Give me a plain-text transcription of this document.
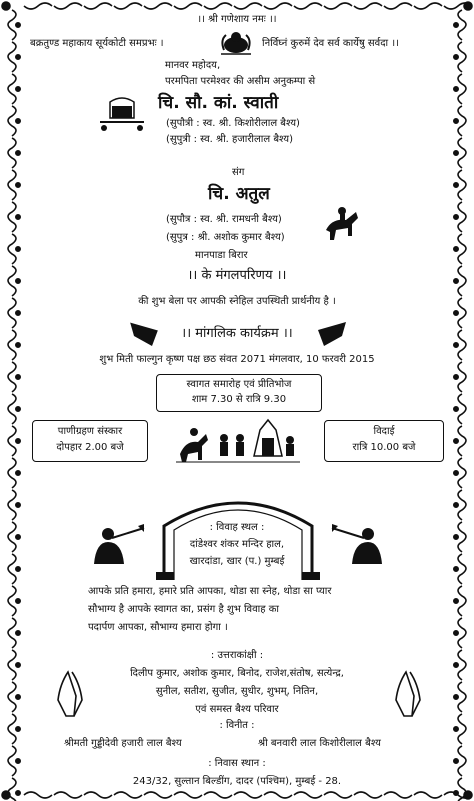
।। श्री गणेशाय नमः ।।
बक्रतुण्ड महाकाय सूर्यकोटी समप्रभः ।	निर्विघ्नं कुरुमें देव सर्व कार्येषु सर्वदा ।।
मानवर महोदय,
परमपिता परमेश्वर की असीम अनुकम्पा से
चि. सौ. कां. स्वाती
(सुपौत्री : स्व. श्री. किशोरीलाल बैश्य)
(सुपुत्री : स्व. श्री. हजारीलाल बैश्य)
संग
चि. अतुल
(सुपौत्र : स्व. श्री. रामधनी बैश्य)
(सुपुत्र : श्री. अशोक कुमार बैश्य)
मानपाडा बिरार
।। के मंगलपरिणय ।।
की शुभ बेला पर आपकी स्नेहिल उपस्थिती प्रार्थनीय है ।
।। मांगलिक कार्यक्रम ।।
शुभ मिती फाल्गुन कृष्ण पक्ष छठ संवत 2071 मंगलवार, 10 फरवरी 2015
स्वागत समारोह एवं प्रीतिभोज
शाम 7.30 से रात्रि 9.30
पाणीग्रहण संस्कार
दोपहार 2.00 बजे
विदाई
रात्रि 10.00 बजे
: विवाह स्थल :
दांडेश्वर शंकर मन्दिर हाल,
खारदांडा, खार (प.) मुम्बई
आपके प्रति हमारा, हमारे प्रति आपका, थोडा सा स्नेह, थोडा सा प्यार
सौभाग्य है आपके स्वागत का, प्रसंग है शुभ विवाह का
पदार्पण आपका, सौभाग्य हमारा होगा ।
: उत्तराकांक्षी :
दिलीप कुमार, अशोक कुमार, बिनोद, राजेश,संतोष, सत्येन्द्र,
सुनील, सतीश, सुजीत, सुधीर, शुभम्, नितिन,
एवं समस्त बैश्य परिवार
: विनीत :
श्रीमती गुड्डीदेवी हजारी लाल बैश्य	श्री बनवारी लाल किशोरीलाल बैश्य
: निवास स्थान :
243/32, सुल्तान बिल्डींग, दादर (पश्चिम), मुम्बई - 28.
